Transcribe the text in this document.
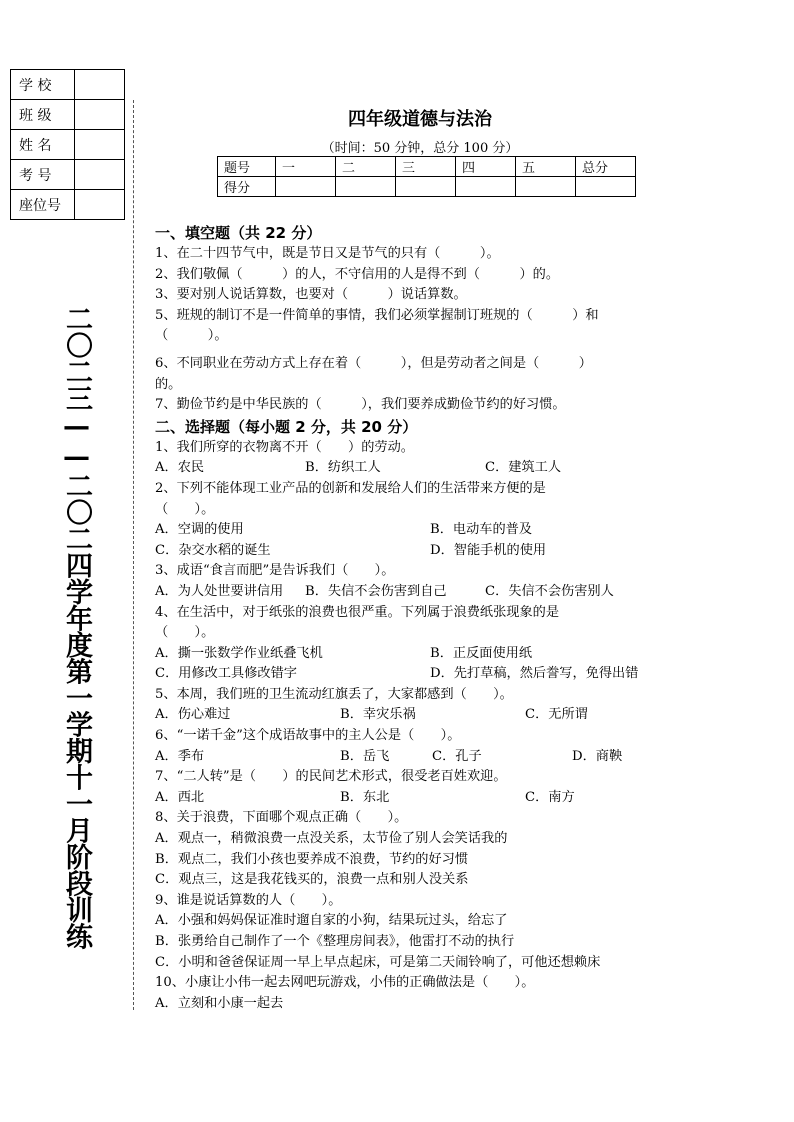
学 校	
班 级	
姓 名	
考 号	
座位号	
二〇二三——二〇二四学年度第一学期十一月阶段训练
四年级道德与法治
（时间：50 分钟，总分 100 分）
题号	一	二	三	四	五	总分
得分						
一、填空题（共 22 分）
1、在二十四节气中，既是节日又是节气的只有（　　　）。
2、我们敬佩（　　　）的人，不守信用的人是得不到（　　　）的。
3、要对别人说话算数，也要对（　　　）说话算数。
5、班规的制订不是一件简单的事情，我们必须掌握制订班规的（　　　）和
（　　　）。
6、不同职业在劳动方式上存在着（　　　），但是劳动者之间是（　　　）
的。
7、勤俭节约是中华民族的（　　　），我们要养成勤俭节约的好习惯。
二、选择题（每小题 2 分，共 20 分）
1、我们所穿的衣物离不开（　　）的劳动。
A．农民	B．纺织工人	C．建筑工人
2、下列不能体现工业产品的创新和发展给人们的生活带来方便的是
（　　）。
A．空调的使用	B．电动车的普及
C．杂交水稻的诞生	D．智能手机的使用
3、成语“食言而肥”是告诉我们（　　）。
A．为人处世要讲信用	B．失信不会伤害到自己	C．失信不会伤害别人
4、在生活中，对于纸张的浪费也很严重。下列属于浪费纸张现象的是
（　　）。
A．撕一张数学作业纸叠飞机	B．正反面使用纸
C．用修改工具修改错字	D．先打草稿，然后誊写，免得出错
5、本周，我们班的卫生流动红旗丢了，大家都感到（　　）。
A．伤心难过	B．幸灾乐祸	C．无所谓
6、“一诺千金”这个成语故事中的主人公是（　　）。
A．季布	B．岳飞	C．孔子	D．商鞅
7、“二人转”是（　　）的民间艺术形式，很受老百姓欢迎。
A．西北	B．东北	C．南方
8、关于浪费，下面哪个观点正确（　　）。
A．观点一，稍微浪费一点没关系，太节俭了别人会笑话我的
B．观点二，我们小孩也要养成不浪费，节约的好习惯
C．观点三，这是我花钱买的，浪费一点和别人没关系
9、谁是说话算数的人（　　）。
A．小强和妈妈保证准时遛自家的小狗，结果玩过头，给忘了
B．张勇给自己制作了一个《整理房间表》，他雷打不动的执行
C．小明和爸爸保证周一早上早点起床，可是第二天闹铃响了，可他还想赖床
10、小康让小伟一起去网吧玩游戏，小伟的正确做法是（　　）。
A．立刻和小康一起去
